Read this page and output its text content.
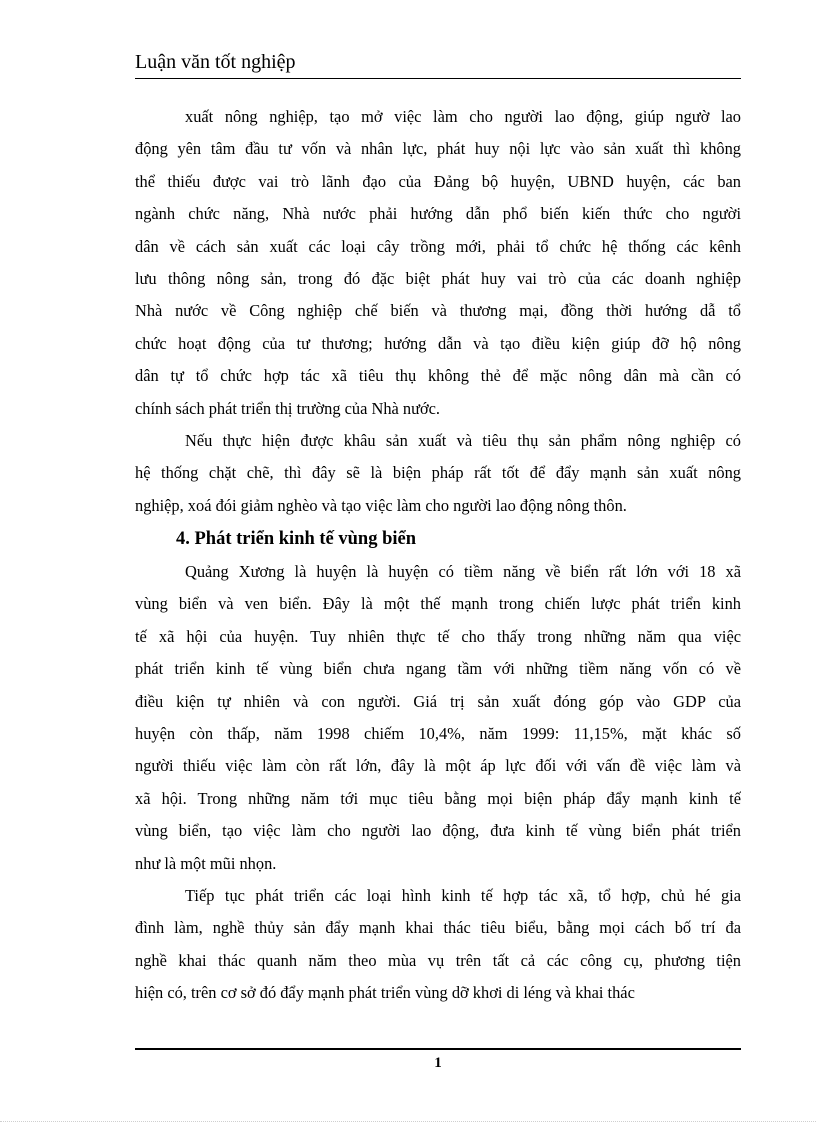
Luận văn tốt nghiệp
xuất nông nghiệp, tạo mở việc làm cho người lao động, giúp ngườ lao
động yên tâm đầu tư vốn và nhân lực, phát huy nội lực vào sản xuất thì không
thể thiếu được vai trò lãnh đạo của Đảng bộ huyện, UBND huyện, các ban
ngành chức năng, Nhà nước phải hướng dẫn phổ biến kiến thức cho người
dân về cách sản xuất các loại cây trồng mới, phải tổ chức hệ thống các kênh
lưu thông nông sản, trong đó đặc biệt phát huy vai trò của các doanh nghiệp
Nhà nước về Công nghiệp chế biến và thương mại, đồng thời hướng dẫ tổ
chức hoạt động của tư thương; hướng dẫn và tạo điều kiện giúp đỡ hộ nông
dân tự tổ chức hợp tác xã tiêu thụ không thẻ để mặc nông dân mà cần có
chính sách phát triển thị trường của Nhà nước.
Nếu thực hiện được khâu sản xuất và tiêu thụ sản phẩm nông nghiệp có
hệ thống chặt chẽ, thì đây sẽ là biện pháp rất tốt để đẩy mạnh sản xuất nông
nghiệp, xoá đói giảm nghèo và tạo việc làm cho người lao động nông thôn.
4. Phát triển kinh tế vùng biển
Quảng Xương là huyện là huyện có tiềm năng về biển rất lớn với 18 xã
vùng biển và ven biển. Đây là một thế mạnh trong chiến lược phát triển kinh
tế xã hội của huyện. Tuy nhiên thực tế cho thấy trong những năm qua việc
phát triển kinh tế vùng biển chưa ngang tầm với những tiềm năng vốn có về
điều kiện tự nhiên và con người. Giá trị sản xuất đóng góp vào GDP của
huyện còn thấp, năm 1998 chiếm 10,4%, năm 1999: 11,15%, mặt khác số
người thiếu việc làm còn rất lớn, đây là một áp lực đối với vấn đề việc làm và
xã hội. Trong những năm tới mục tiêu bằng mọi biện pháp đẩy mạnh kinh tế
vùng biển, tạo việc làm cho người lao động, đưa kinh tế vùng biển phát triển
như là một mũi nhọn.
Tiếp tục phát triển các loại hình kinh tế hợp tác xã, tổ hợp, chủ hé gia
đình làm, nghề thủy sản đẩy mạnh khai thác tiêu biểu, bằng mọi cách bố trí đa
nghề khai thác quanh năm theo mùa vụ trên tất cả các công cụ, phương tiện
hiện có, trên cơ sở đó đẩy mạnh phát triển vùng dỡ khơi di léng và khai thác
1
